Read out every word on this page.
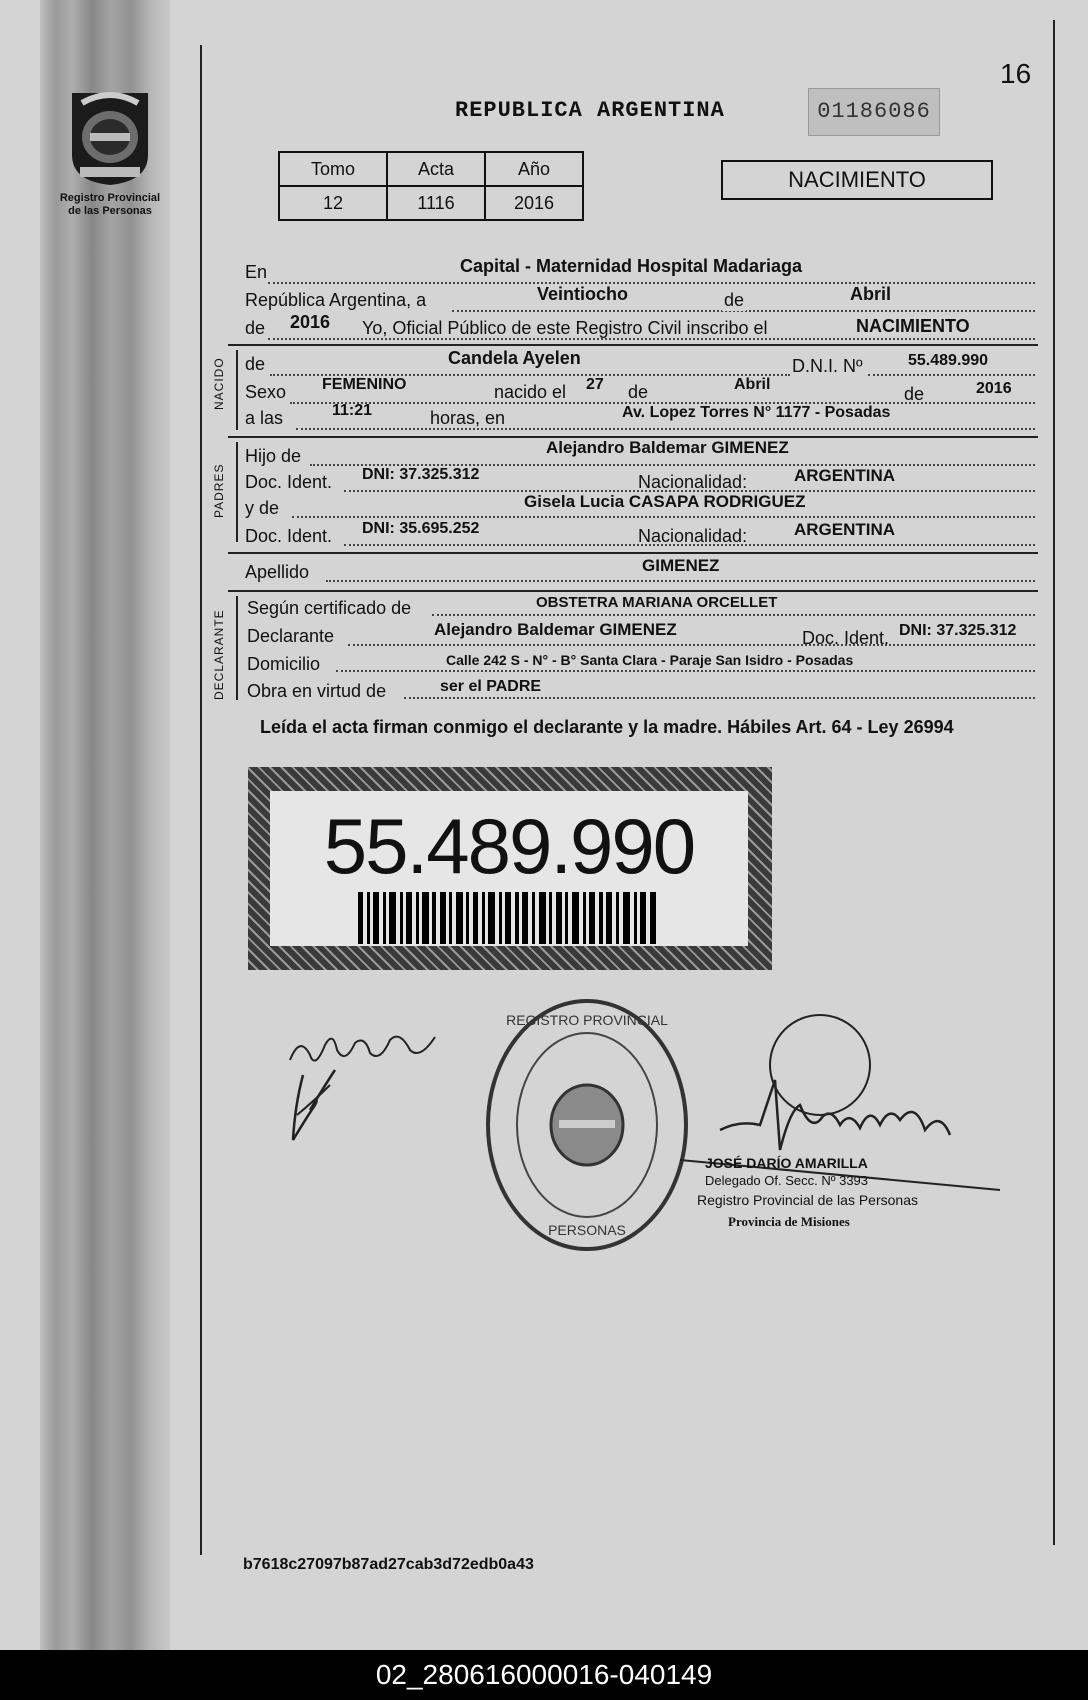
16
Registro Provincial
de las Personas
REPUBLICA ARGENTINA	01186086
Tomo	Acta	Año
12	1116	2016
NACIMIENTO
En	Capital - Maternidad Hospital Madariaga
República Argentina, a	Veintiocho	de	Abril
de 2016 Yo, Oficial Público de este Registro Civil inscribo el	NACIMIENTO
NACIDO de	Candela Ayelen	D.N.I. Nº	55.489.990
Sexo FEMENINO	nacido el 27 de	Abril	de	2016
a las	11:21	horas, en	Av. Lopez Torres N° 1177 - Posadas
PADRES
Hijo de	Alejandro Baldemar GIMENEZ
Doc. Ident. DNI: 37.325.312	Nacionalidad:	ARGENTINA
y de	Gisela Lucia CASAPA RODRIGUEZ
Doc. Ident. DNI: 35.695.252	Nacionalidad:	ARGENTINA
Apellido	GIMENEZ
DECLARANTE
Según certificado de	OBSTETRA MARIANA ORCELLET
Declarante	Alejandro Baldemar GIMENEZ	Doc. Ident. DNI: 37.325.312
Domicilio	Calle 242 S - N° - B° Santa Clara - Paraje San Isidro - Posadas
Obra en virtud de	ser el PADRE
Leída el acta firman conmigo el declarante y la madre. Hábiles Art. 64 - Ley 26994
55.489.990
REGISTRO PROVINCIAL
PERSONAS
JOSÉ DARÍO AMARILLA
Delegado Of. Secc. Nº 3393
Registro Provincial de las Personas
Provincia de Misiones
b7618c27097b87ad27cab3d72edb0a43
02_280616000016-040149
